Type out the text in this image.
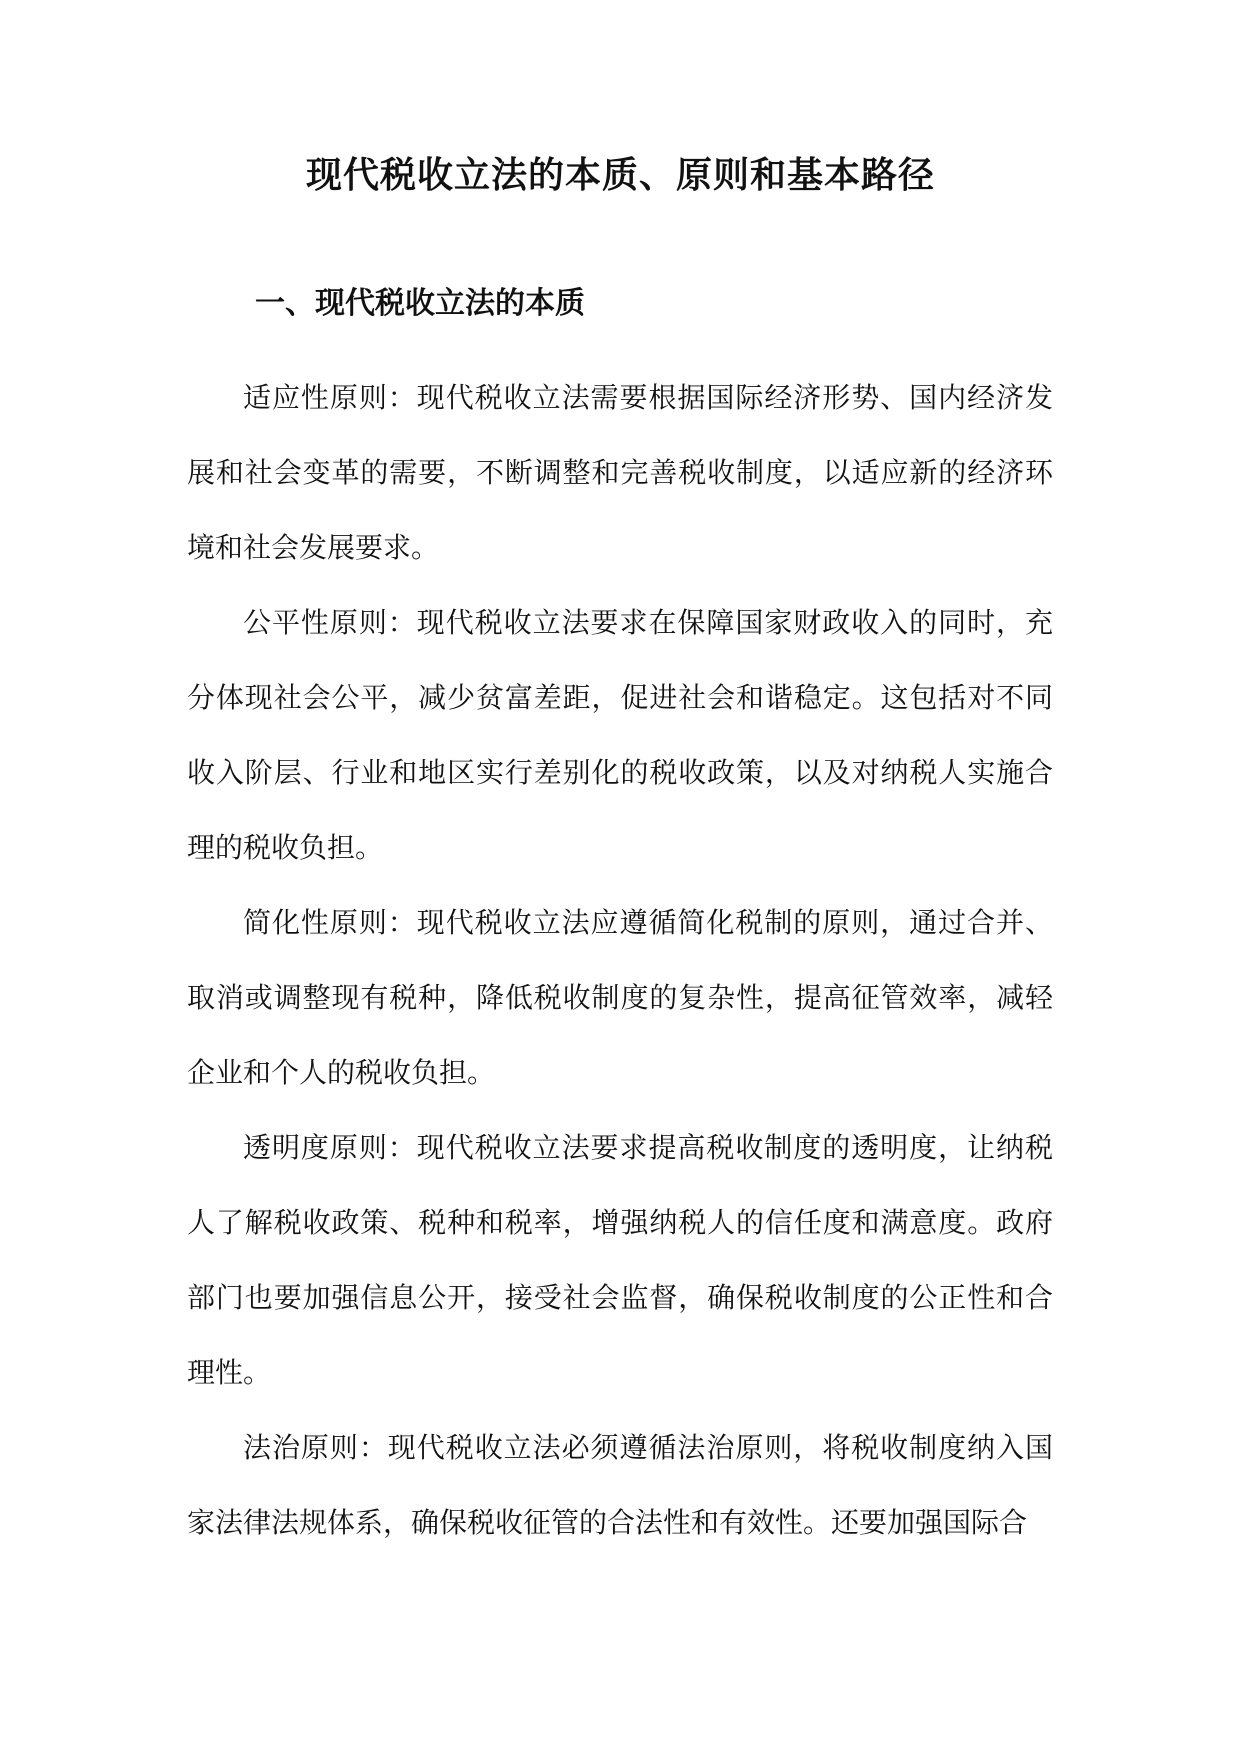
现代税收立法的本质、原则和基本路径
一、现代税收立法的本质

适应性原则：现代税收立法需要根据国际经济形势、国内经济发展和社会变革的需要，不断调整和完善税收制度，以适应新的经济环境和社会发展要求。

公平性原则：现代税收立法要求在保障国家财政收入的同时，充分体现社会公平，减少贫富差距，促进社会和谐稳定。这包括对不同收入阶层、行业和地区实行差别化的税收政策，以及对纳税人实施合理的税收负担。

简化性原则：现代税收立法应遵循简化税制的原则，通过合并、取消或调整现有税种，降低税收制度的复杂性，提高征管效率，减轻企业和个人的税收负担。

透明度原则：现代税收立法要求提高税收制度的透明度，让纳税人了解税收政策、税种和税率，增强纳税人的信任度和满意度。政府部门也要加强信息公开，接受社会监督，确保税收制度的公正性和合理性。

法治原则：现代税收立法必须遵循法治原则，将税收制度纳入国家法律法规体系，确保税收征管的合法性和有效性。还要加强国际合
